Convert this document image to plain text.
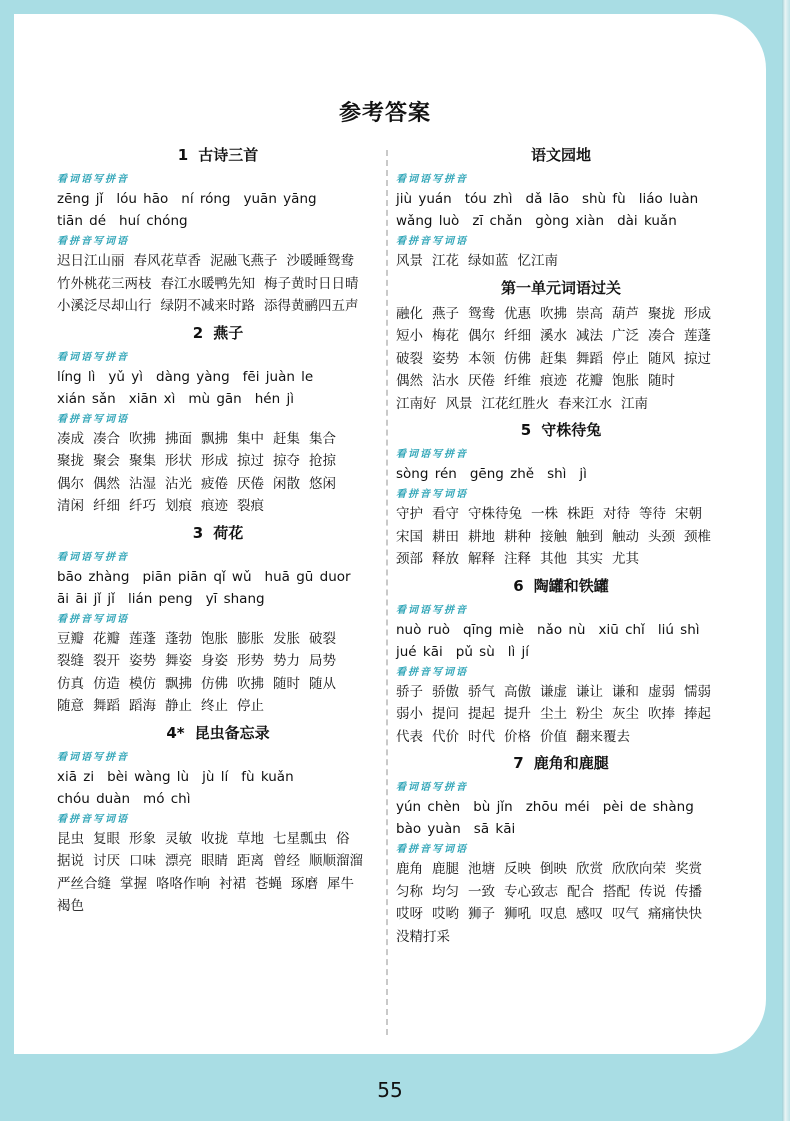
参考答案
1 古诗三首
看词语写拼音
zēng jǐ lóu hāo ní róng yuān yāngtiān dé huí chóng
看拼音写词语
迟日江山丽 春风花草香 泥融飞燕子 沙暖睡鸳鸯竹外桃花三两枝 春江水暖鸭先知 梅子黄时日日晴小溪泛尽却山行 绿阴不减来时路 添得黄鹂四五声
2 燕子
看词语写拼音
líng lì yǔ yì dàng yàng fēi juàn lexián sǎn xiān xì mù gān hén jì
看拼音写词语
凑成 凑合 吹拂 拂面 飘拂 集中 赶集 集合聚拢 聚会 聚集 形状 形成 掠过 掠夺 抢掠偶尔 偶然 沾湿 沾光 疲倦 厌倦 闲散 悠闲清闲 纤细 纤巧 划痕 痕迹 裂痕
3 荷花
看词语写拼音
bāo zhàng piān piān qǐ wǔ huā gū duorāi āi jǐ jǐ lián peng yī shang
看拼音写词语
豆瓣 花瓣 莲蓬 蓬勃 饱胀 膨胀 发胀 破裂裂缝 裂开 姿势 舞姿 身姿 形势 势力 局势仿真 仿造 模仿 飘拂 仿佛 吹拂 随时 随从随意 舞蹈 蹈海 静止 终止 停止
4* 昆虫备忘录
看词语写拼音
xiā zi bèi wàng lù jù lí fù kuǎnchóu duàn mó chì
看拼音写词语
昆虫 复眼 形象 灵敏 收拢 草地 七星瓢虫 俗据说 讨厌 口味 漂亮 眼睛 距离 曾经 顺顺溜溜严丝合缝 掌握 咯咯作响 衬裙 苍蝇 琢磨 犀牛褐色
语文园地
看词语写拼音
jiù yuán tóu zhì dǎ lāo shù fù liáo luànwǎng luò zī chǎn gòng xiàn dài kuǎn
看拼音写词语
风景 江花 绿如蓝 忆江南
第一单元词语过关
融化 燕子 鸳鸯 优惠 吹拂 崇高 葫芦 聚拢 形成短小 梅花 偶尔 纤细 溪水 减法 广泛 凑合 莲蓬破裂 姿势 本领 仿佛 赶集 舞蹈 停止 随风 掠过偶然 沾水 厌倦 纤维 痕迹 花瓣 饱胀 随时江南好 风景 江花红胜火 春来江水 江南
5 守株待兔
看词语写拼音
sòng rén gēng zhě shì jì
看拼音写词语
守护 看守 守株待兔 一株 株距 对待 等待 宋朝宋国 耕田 耕地 耕种 接触 触到 触动 头颈 颈椎颈部 释放 解释 注释 其他 其实 尤其
6 陶罐和铁罐
看词语写拼音
nuò ruò qīng miè nǎo nù xiū chǐ liú shìjué kāi pǔ sù lì jí
看拼音写词语
骄子 骄傲 骄气 高傲 谦虚 谦让 谦和 虚弱 懦弱弱小 提问 提起 提升 尘土 粉尘 灰尘 吹捧 捧起代表 代价 时代 价格 价值 翻来覆去
7 鹿角和鹿腿
看词语写拼音
yún chèn bù jǐn zhōu méi pèi de shàngbào yuàn sā kāi
看拼音写词语
鹿角 鹿腿 池塘 反映 倒映 欣赏 欣欣向荣 奖赏匀称 均匀 一致 专心致志 配合 搭配 传说 传播哎呀 哎哟 狮子 狮吼 叹息 感叹 叹气 痛痛快快没精打采
55
